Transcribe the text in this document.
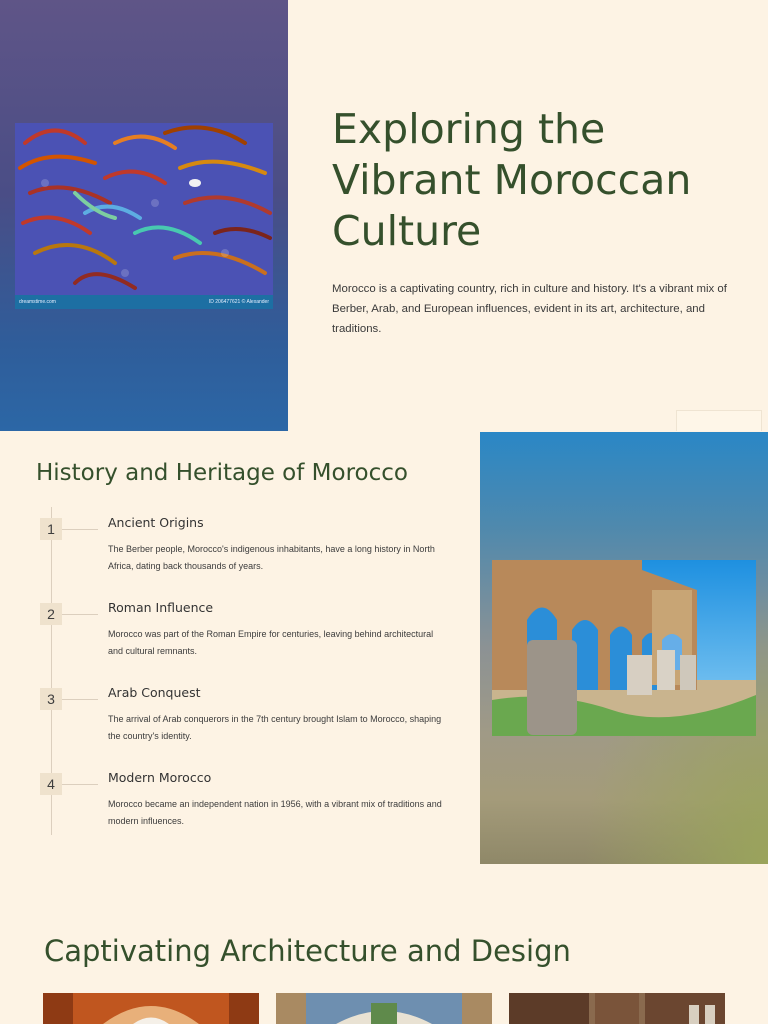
dreamstime.com	ID 206477621 © Alexander
Exploring the Vibrant Moroccan Culture

Morocco is a captivating country, rich in culture and history. It's a vibrant mix of Berber, Arab, and European influences, evident in its art, architecture, and traditions.

History and Heritage of Morocco
1	Ancient Origins

The Berber people, Morocco's indigenous inhabitants, have a long history in North Africa, dating back thousands of years.

2	Roman Influence

Morocco was part of the Roman Empire for centuries, leaving behind architectural and cultural remnants.

3	Arab Conquest

The arrival of Arab conquerors in the 7th century brought Islam to Morocco, shaping the country's identity.

4	Modern Morocco

Morocco became an independent nation in 1956, with a vibrant mix of traditions and modern influences.

Captivating Architecture and Design
